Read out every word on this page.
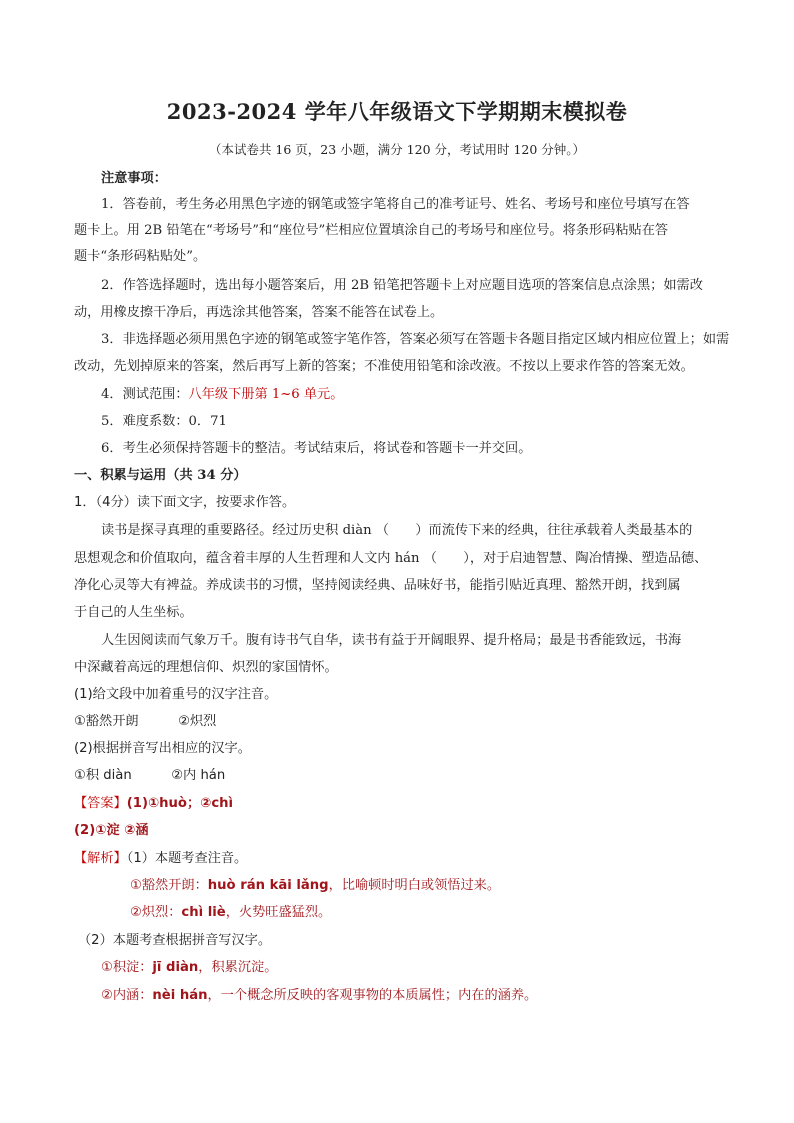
2023-2024 学年八年级语文下学期期末模拟卷
（本试卷共 16 页，23 小题，满分 120 分，考试用时 120 分钟。）
注意事项：
1．答卷前，考生务必用黑色字迹的钢笔或签字笔将自己的准考证号、姓名、考场号和座位号填写在答
题卡上。用 2B 铅笔在“考场号”和“座位号”栏相应位置填涂自己的考场号和座位号。将条形码粘贴在答
题卡“条形码粘贴处”。
2．作答选择题时，选出每小题答案后，用 2B 铅笔把答题卡上对应题目选项的答案信息点涂黑；如需改
动，用橡皮擦干净后，再选涂其他答案，答案不能答在试卷上。
3．非选择题必须用黑色字迹的钢笔或签字笔作答，答案必须写在答题卡各题目指定区域内相应位置上；如需
改动，先划掉原来的答案，然后再写上新的答案；不准使用铅笔和涂改液。不按以上要求作答的答案无效。
4．测试范围：八年级下册第 1~6 单元。
5．难度系数：0．71
6．考生必须保持答题卡的整洁。考试结束后，将试卷和答题卡一并交回。
一、积累与运用（共 34 分）
1．（4分）读下面文字，按要求作答。
读书是探寻真理的重要路径。经过历史积 diàn （　　）而流传下来的经典，往往承载着人类最基本的
思想观念和价值取向，蕴含着丰厚的人生哲理和人文内 hán （　　），对于启迪智慧、陶冶情操、塑造品德、
净化心灵等大有裨益。养成读书的习惯，坚持阅读经典、品味好书，能指引贴近真理、豁然开朗，找到属
于自己的人生坐标。
人生因阅读而气象万千。腹有诗书气自华，读书有益于开阔眼界、提升格局；最是书香能致远，书海
中深藏着高远的理想信仰、炽烈的家国情怀。
(1)给文段中加着重号的汉字注音。
①豁然开朗　　　②炽烈
(2)根据拼音写出相应的汉字。
①积 diàn　　　②内 hán
【答案】(1)①huò；②chì
(2)①淀 ②涵
【解析】（1）本题考查注音。
①豁然开朗：huò rán kāi lǎng，比喻顿时明白或领悟过来。
②炽烈：chì liè，火势旺盛猛烈。
（2）本题考查根据拼音写汉字。
①积淀：jī diàn，积累沉淀。
②内涵：nèi hán，一个概念所反映的客观事物的本质属性；内在的涵养。
